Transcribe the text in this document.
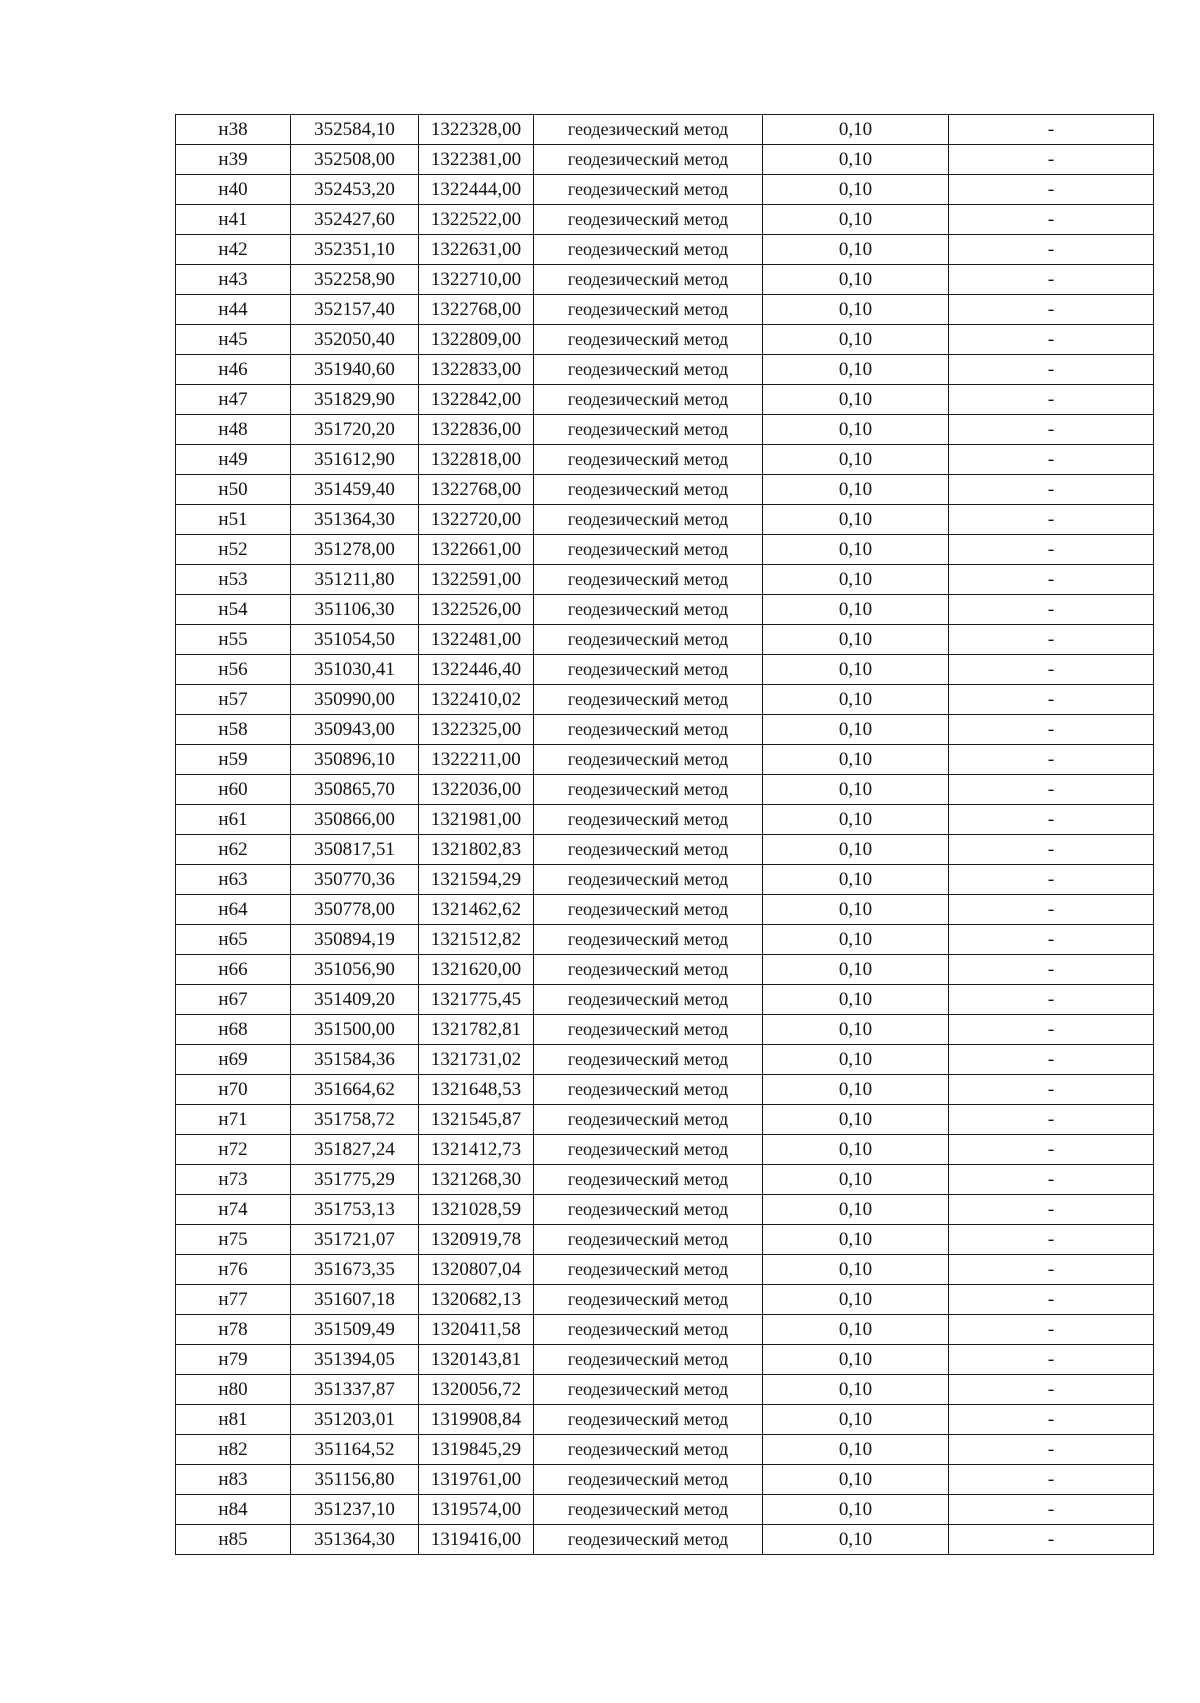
н38	352584,10	1322328,00	геодезический метод	0,10	-
н39	352508,00	1322381,00	геодезический метод	0,10	-
н40	352453,20	1322444,00	геодезический метод	0,10	-
н41	352427,60	1322522,00	геодезический метод	0,10	-
н42	352351,10	1322631,00	геодезический метод	0,10	-
н43	352258,90	1322710,00	геодезический метод	0,10	-
н44	352157,40	1322768,00	геодезический метод	0,10	-
н45	352050,40	1322809,00	геодезический метод	0,10	-
н46	351940,60	1322833,00	геодезический метод	0,10	-
н47	351829,90	1322842,00	геодезический метод	0,10	-
н48	351720,20	1322836,00	геодезический метод	0,10	-
н49	351612,90	1322818,00	геодезический метод	0,10	-
н50	351459,40	1322768,00	геодезический метод	0,10	-
н51	351364,30	1322720,00	геодезический метод	0,10	-
н52	351278,00	1322661,00	геодезический метод	0,10	-
н53	351211,80	1322591,00	геодезический метод	0,10	-
н54	351106,30	1322526,00	геодезический метод	0,10	-
н55	351054,50	1322481,00	геодезический метод	0,10	-
н56	351030,41	1322446,40	геодезический метод	0,10	-
н57	350990,00	1322410,02	геодезический метод	0,10	-
н58	350943,00	1322325,00	геодезический метод	0,10	-
н59	350896,10	1322211,00	геодезический метод	0,10	-
н60	350865,70	1322036,00	геодезический метод	0,10	-
н61	350866,00	1321981,00	геодезический метод	0,10	-
н62	350817,51	1321802,83	геодезический метод	0,10	-
н63	350770,36	1321594,29	геодезический метод	0,10	-
н64	350778,00	1321462,62	геодезический метод	0,10	-
н65	350894,19	1321512,82	геодезический метод	0,10	-
н66	351056,90	1321620,00	геодезический метод	0,10	-
н67	351409,20	1321775,45	геодезический метод	0,10	-
н68	351500,00	1321782,81	геодезический метод	0,10	-
н69	351584,36	1321731,02	геодезический метод	0,10	-
н70	351664,62	1321648,53	геодезический метод	0,10	-
н71	351758,72	1321545,87	геодезический метод	0,10	-
н72	351827,24	1321412,73	геодезический метод	0,10	-
н73	351775,29	1321268,30	геодезический метод	0,10	-
н74	351753,13	1321028,59	геодезический метод	0,10	-
н75	351721,07	1320919,78	геодезический метод	0,10	-
н76	351673,35	1320807,04	геодезический метод	0,10	-
н77	351607,18	1320682,13	геодезический метод	0,10	-
н78	351509,49	1320411,58	геодезический метод	0,10	-
н79	351394,05	1320143,81	геодезический метод	0,10	-
н80	351337,87	1320056,72	геодезический метод	0,10	-
н81	351203,01	1319908,84	геодезический метод	0,10	-
н82	351164,52	1319845,29	геодезический метод	0,10	-
н83	351156,80	1319761,00	геодезический метод	0,10	-
н84	351237,10	1319574,00	геодезический метод	0,10	-
н85	351364,30	1319416,00	геодезический метод	0,10	-
